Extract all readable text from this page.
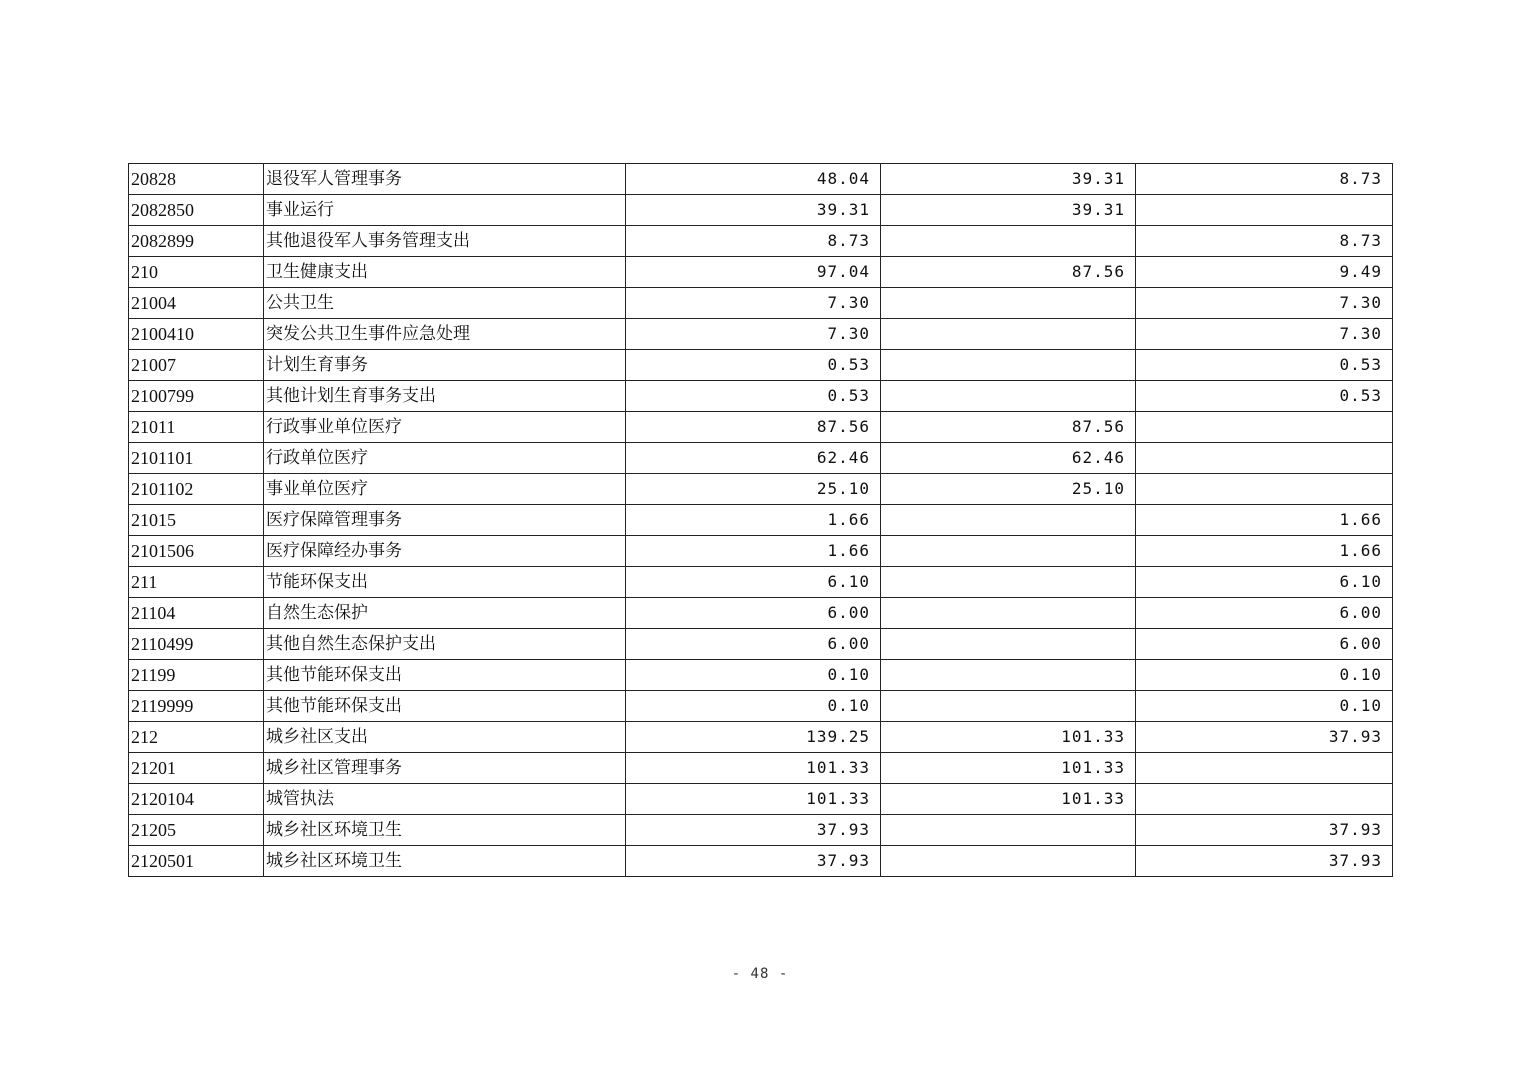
20828	退役军人管理事务	48.04	39.31	8.73
2082850	事业运行	39.31	39.31	
2082899	其他退役军人事务管理支出	8.73		8.73
210	卫生健康支出	97.04	87.56	9.49
21004	公共卫生	7.30		7.30
2100410	突发公共卫生事件应急处理	7.30		7.30
21007	计划生育事务	0.53		0.53
2100799	其他计划生育事务支出	0.53		0.53
21011	行政事业单位医疗	87.56	87.56	
2101101	行政单位医疗	62.46	62.46	
2101102	事业单位医疗	25.10	25.10	
21015	医疗保障管理事务	1.66		1.66
2101506	医疗保障经办事务	1.66		1.66
211	节能环保支出	6.10		6.10
21104	自然生态保护	6.00		6.00
2110499	其他自然生态保护支出	6.00		6.00
21199	其他节能环保支出	0.10		0.10
2119999	其他节能环保支出	0.10		0.10
212	城乡社区支出	139.25	101.33	37.93
21201	城乡社区管理事务	101.33	101.33	
2120104	城管执法	101.33	101.33	
21205	城乡社区环境卫生	37.93		37.93
2120501	城乡社区环境卫生	37.93		37.93
- 48 -
